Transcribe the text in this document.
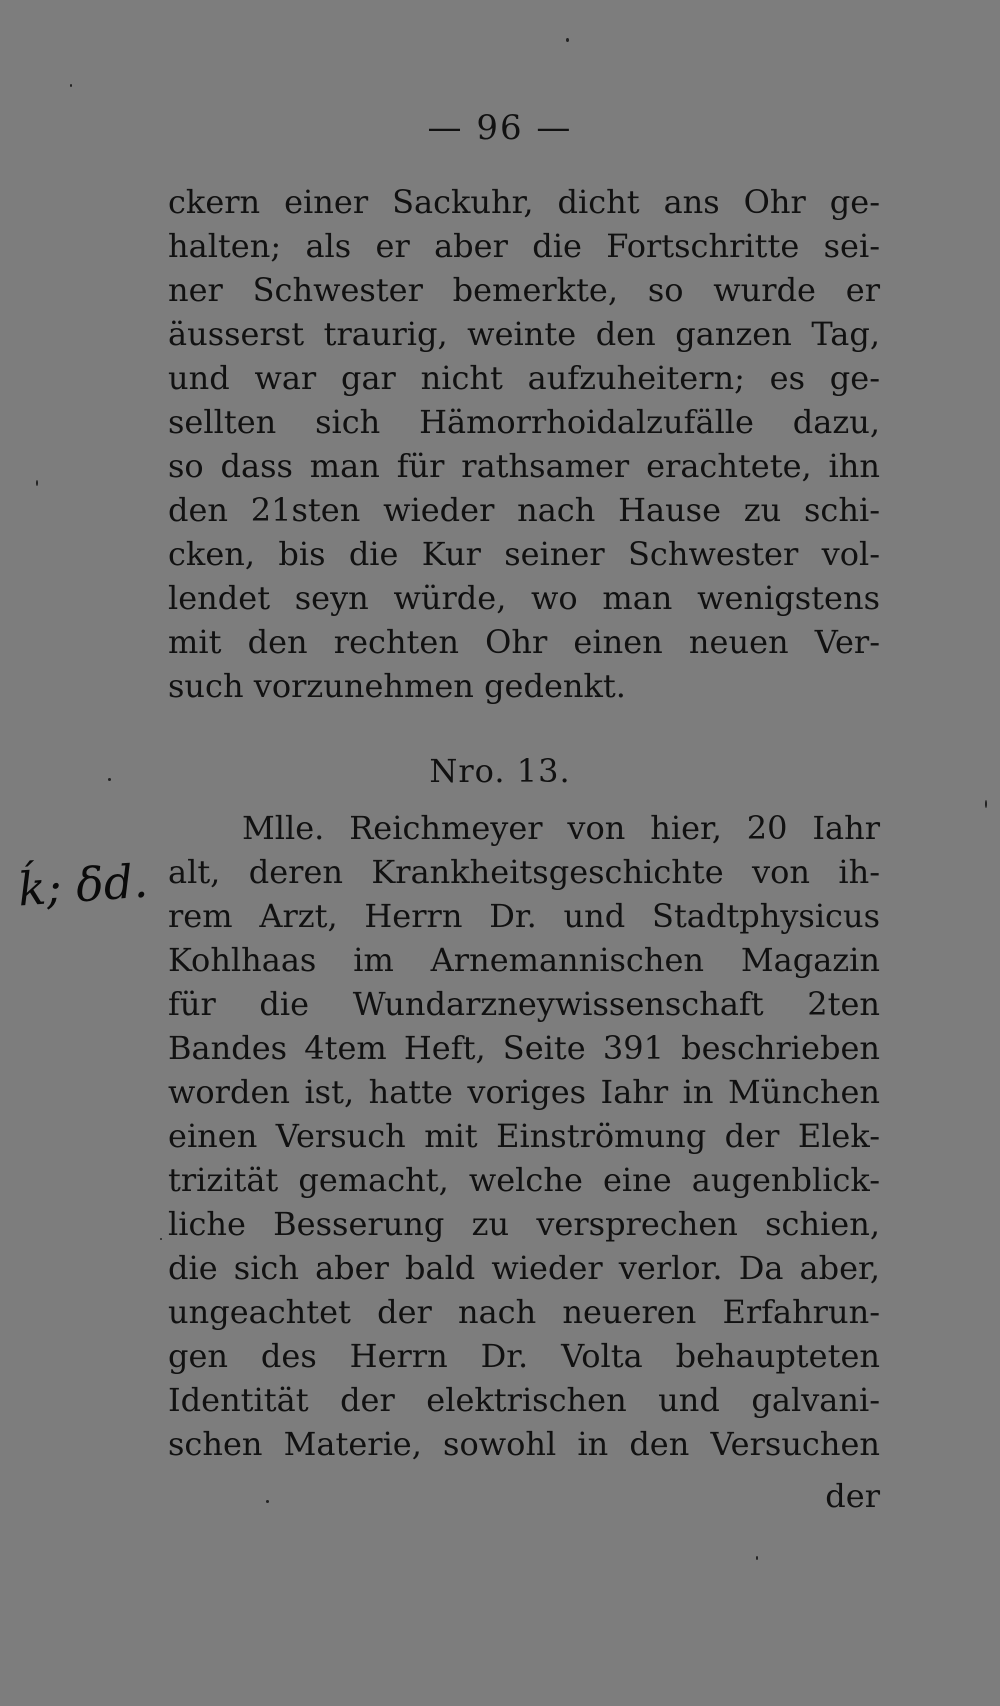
— 96 —
ckern einer Sackuhr, dicht ans Ohr ge-
halten; als er aber die Fortschritte sei-
ner Schwester bemerkte, so wurde er
äusserst traurig, weinte den ganzen Tag,
und war gar nicht aufzuheitern; es ge-
sellten sich Hämorrhoidalzufälle dazu,
so dass man für rathsamer erachtete, ihn
den 21sten wieder nach Hause zu schi-
cken, bis die Kur seiner Schwester vol-
lendet seyn würde, wo man wenigstens
mit den rechten Ohr einen neuen Ver-
such vorzunehmen gedenkt.
Nro. 13.
Mlle. Reichmeyer von hier, 20 Iahr
alt, deren Krankheitsgeschichte von ih-
rem Arzt, Herrn Dr. und Stadtphysicus
Kohlhaas im Arnemannischen Magazin
für die Wundarzneywissenschaft 2ten
Bandes 4tem Heft, Seite 391 beschrieben
worden ist, hatte voriges Iahr in München
einen Versuch mit Einströmung der Elek-
trizität gemacht, welche eine augenblick-
liche Besserung zu versprechen schien,
die sich aber bald wieder verlor. Da aber,
ungeachtet der nach neueren Erfahrun-
gen des Herrn Dr. Volta behaupteten
Identität der elektrischen und galvani-
schen Materie, sowohl in den Versuchen
der
ḱ; ẟd.
